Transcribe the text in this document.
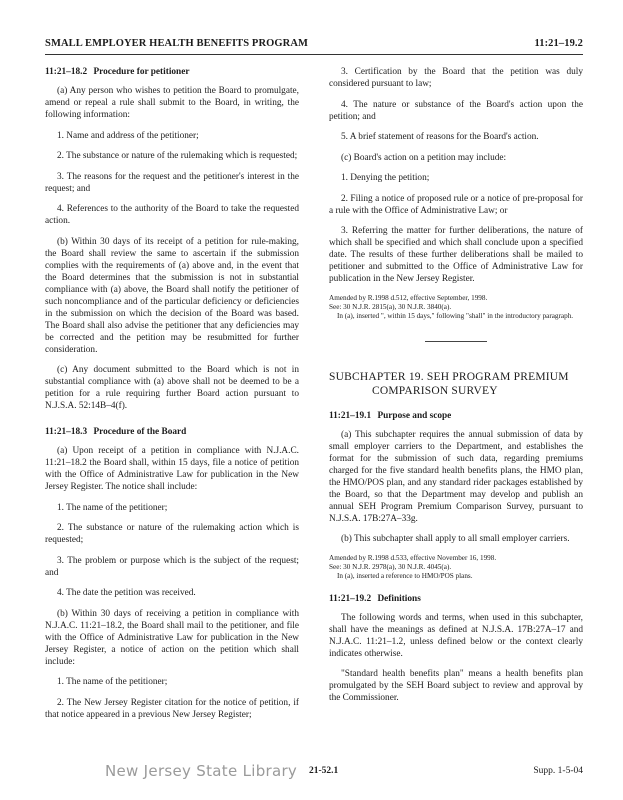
SMALL EMPLOYER HEALTH BENEFITS PROGRAM	11:21–19.2
11:21–18.2 Procedure for petitioner

(a) Any person who wishes to petition the Board to promulgate, amend or repeal a rule shall submit to the Board, in writing, the following information:

1. Name and address of the petitioner;

2. The substance or nature of the rulemaking which is requested;

3. The reasons for the request and the petitioner's interest in the request; and

4. References to the authority of the Board to take the requested action.

(b) Within 30 days of its receipt of a petition for rule-making, the Board shall review the same to ascertain if the submission complies with the requirements of (a) above and, in the event that the Board determines that the submission is not in substantial compliance with (a) above, the Board shall notify the petitioner of such noncompliance and of the particular deficiency or deficiencies in the submission on which the decision of the Board was based. The Board shall also advise the petitioner that any deficiencies may be corrected and the petition may be resubmitted for further consideration.

(c) Any document submitted to the Board which is not in substantial compliance with (a) above shall not be deemed to be a petition for a rule requiring further Board action pursuant to N.J.S.A. 52:14B–4(f).

11:21–18.3 Procedure of the Board

(a) Upon receipt of a petition in compliance with N.J.A.C. 11:21–18.2 the Board shall, within 15 days, file a notice of petition with the Office of Administrative Law for publication in the New Jersey Register. The notice shall include:

1. The name of the petitioner;

2. The substance or nature of the rulemaking action which is requested;

3. The problem or purpose which is the subject of the request; and

4. The date the petition was received.

(b) Within 30 days of receiving a petition in compliance with N.J.A.C. 11:21–18.2, the Board shall mail to the petitioner, and file with the Office of Administrative Law for publication in the New Jersey Register, a notice of action on the petition which shall include:

1. The name of the petitioner;

2. The New Jersey Register citation for the notice of petition, if that notice appeared in a previous New Jersey Register;

3. Certification by the Board that the petition was duly considered pursuant to law;

4. The nature or substance of the Board's action upon the petition; and

5. A brief statement of reasons for the Board's action.

(c) Board's action on a petition may include:

1. Denying the petition;

2. Filing a notice of proposed rule or a notice of pre-proposal for a rule with the Office of Administrative Law; or

3. Referring the matter for further deliberations, the nature of which shall be specified and which shall conclude upon a specified date. The results of these further deliberations shall be mailed to petitioner and submitted to the Office of Administrative Law for publication in the New Jersey Register.

Amended by R.1998 d.512, effective September, 1998.
See: 30 N.J.R. 2815(a), 30 N.J.R. 3840(a).
In (a), inserted ", within 15 days," following "shall" in the introductory paragraph.
SUBCHAPTER 19. SEH PROGRAM PREMIUM
COMPARISON SURVEY
11:21–19.1 Purpose and scope

(a) This subchapter requires the annual submission of data by small employer carriers to the Department, and establishes the format for the submission of such data, regarding premiums charged for the five standard health benefits plans, the HMO plan, the HMO/POS plan, and any standard rider packages established by the Board, so that the Department may develop and publish an annual SEH Program Premium Comparison Survey, pursuant to N.J.S.A. 17B:27A–33g.

(b) This subchapter shall apply to all small employer carriers.

Amended by R.1998 d.533, effective November 16, 1998.
See: 30 N.J.R. 2978(a), 30 N.J.R. 4045(a).
In (a), inserted a reference to HMO/POS plans.
11:21–19.2 Definitions

The following words and terms, when used in this subchapter, shall have the meanings as defined at N.J.S.A. 17B:27A–17 and N.J.A.C. 11:21–1.2, unless defined below or the context clearly indicates otherwise.

"Standard health benefits plan" means a health benefits plan promulgated by the SEH Board subject to review and approval by the Commissioner.

New Jersey State Library 21-52.1	Supp. 1-5-04
